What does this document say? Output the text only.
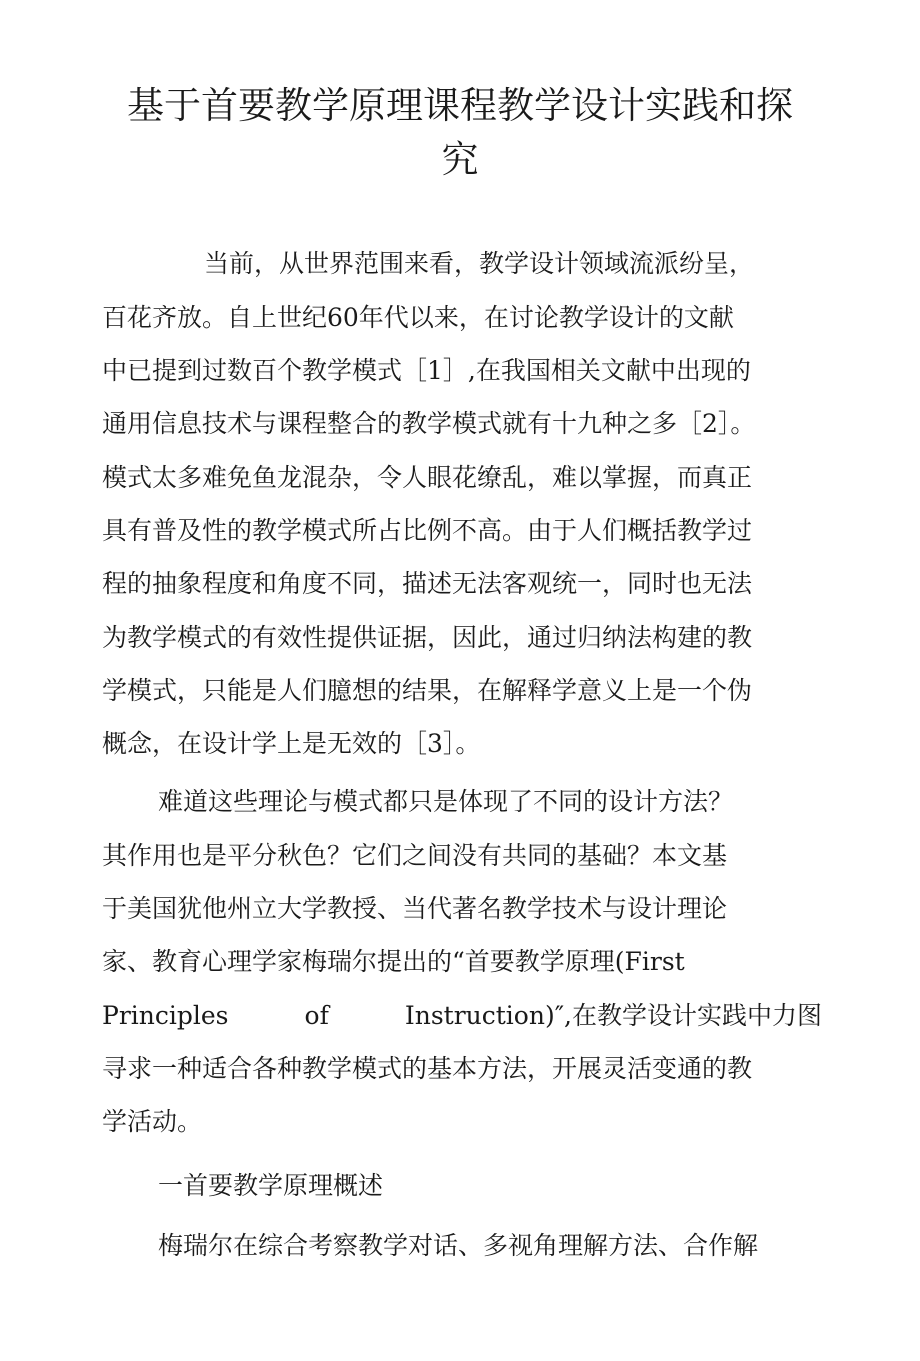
基于首要教学原理课程教学设计实践和探
究
当前，从世界范围来看，教学设计领域流派纷呈，
百花齐放。自上世纪60年代以来，在讨论教学设计的文献
中已提到过数百个教学模式［1］,在我国相关文献中出现的
通用信息技术与课程整合的教学模式就有十九种之多［2］。
模式太多难免鱼龙混杂，令人眼花缭乱，难以掌握，而真正
具有普及性的教学模式所占比例不高。由于人们概括教学过
程的抽象程度和角度不同，描述无法客观统一，同时也无法
为教学模式的有效性提供证据，因此，通过归纳法构建的教
学模式，只能是人们臆想的结果，在解释学意义上是一个伪
概念，在设计学上是无效的［3］。
难道这些理论与模式都只是体现了不同的设计方法？
其作用也是平分秋色？它们之间没有共同的基础？本文基
于美国犹他州立大学教授、当代著名教学技术与设计理论
家、教育心理学家梅瑞尔提出的“首要教学原理(First
Principles	of	Instruction)″,在教学设计实践中力图
寻求一种适合各种教学模式的基本方法，开展灵活变通的教
学活动。
一首要教学原理概述
梅瑞尔在综合考察教学对话、多视角理解方法、合作解
